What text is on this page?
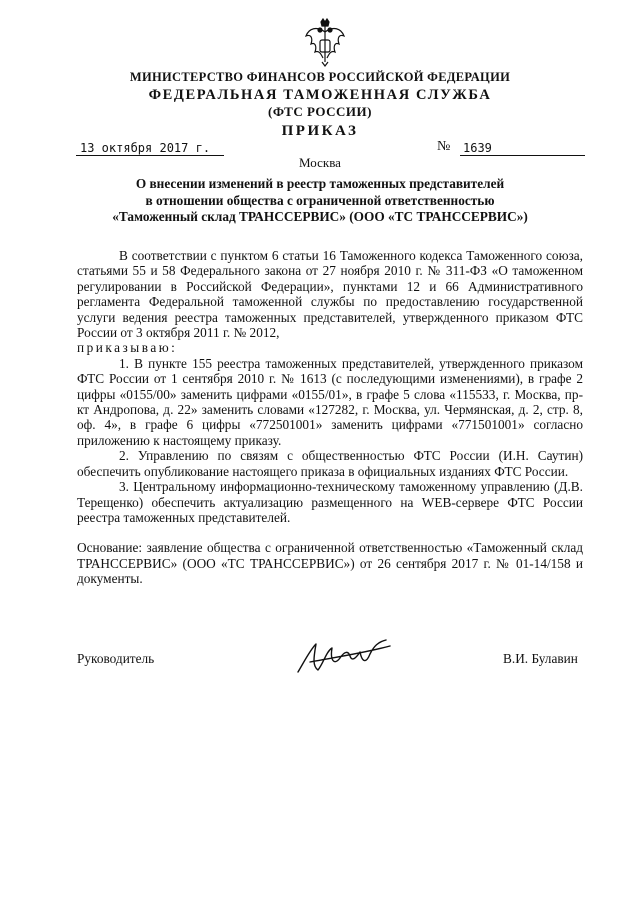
МИНИСТЕРСТВО ФИНАНСОВ РОССИЙСКОЙ ФЕДЕРАЦИИ
ФЕДЕРАЛЬНАЯ ТАМОЖЕННАЯ СЛУЖБА
(ФТС РОССИИ)
ПРИКАЗ
13 октября 2017 г.	№ 1639
Москва
О внесении изменений в реестр таможенных представителей
в отношении общества с ограниченной ответственностью
«Таможенный склад ТРАНССЕРВИС» (ООО «ТС ТРАНССЕРВИС»)

В соответствии с пунктом 6 статьи 16 Таможенного кодекса Таможенного союза, статьями 55 и 58 Федерального закона от 27 ноября 2010 г. № 311-ФЗ «О таможенном регулировании в Российской Федерации», пунктами 12 и 66 Административного регламента Федеральной таможенной службы по предоставлению государственной услуги ведения реестра таможенных представителей, утвержденного приказом ФТС России от 3 октября 2011 г. № 2012,

приказываю:

1. В пункте 155 реестра таможенных представителей, утвержденного приказом ФТС России от 1 сентября 2010 г. № 1613 (с последующими изменениями), в графе 2 цифры «0155/00» заменить цифрами «0155/01», в графе 5 слова «115533, г. Москва, пр-кт Андропова, д. 22» заменить словами «127282, г. Москва, ул. Чермянская, д. 2, стр. 8, оф. 4», в графе 6 цифры «772501001» заменить цифрами «771501001» согласно приложению к настоящему приказу.

2. Управлению по связям с общественностью ФТС России (И.Н. Саутин) обеспечить опубликование настоящего приказа в официальных изданиях ФТС России.

3. Центральному информационно-техническому таможенному управлению (Д.В. Терещенко) обеспечить актуализацию размещенного на WEB-сервере ФТС России реестра таможенных представителей.

Основание: заявление общества с ограниченной ответственностью «Таможенный склад ТРАНССЕРВИС» (ООО «ТС ТРАНССЕРВИС») от 26 сентября 2017 г. № 01-14/158 и документы.

Руководитель	В.И. Булавин
